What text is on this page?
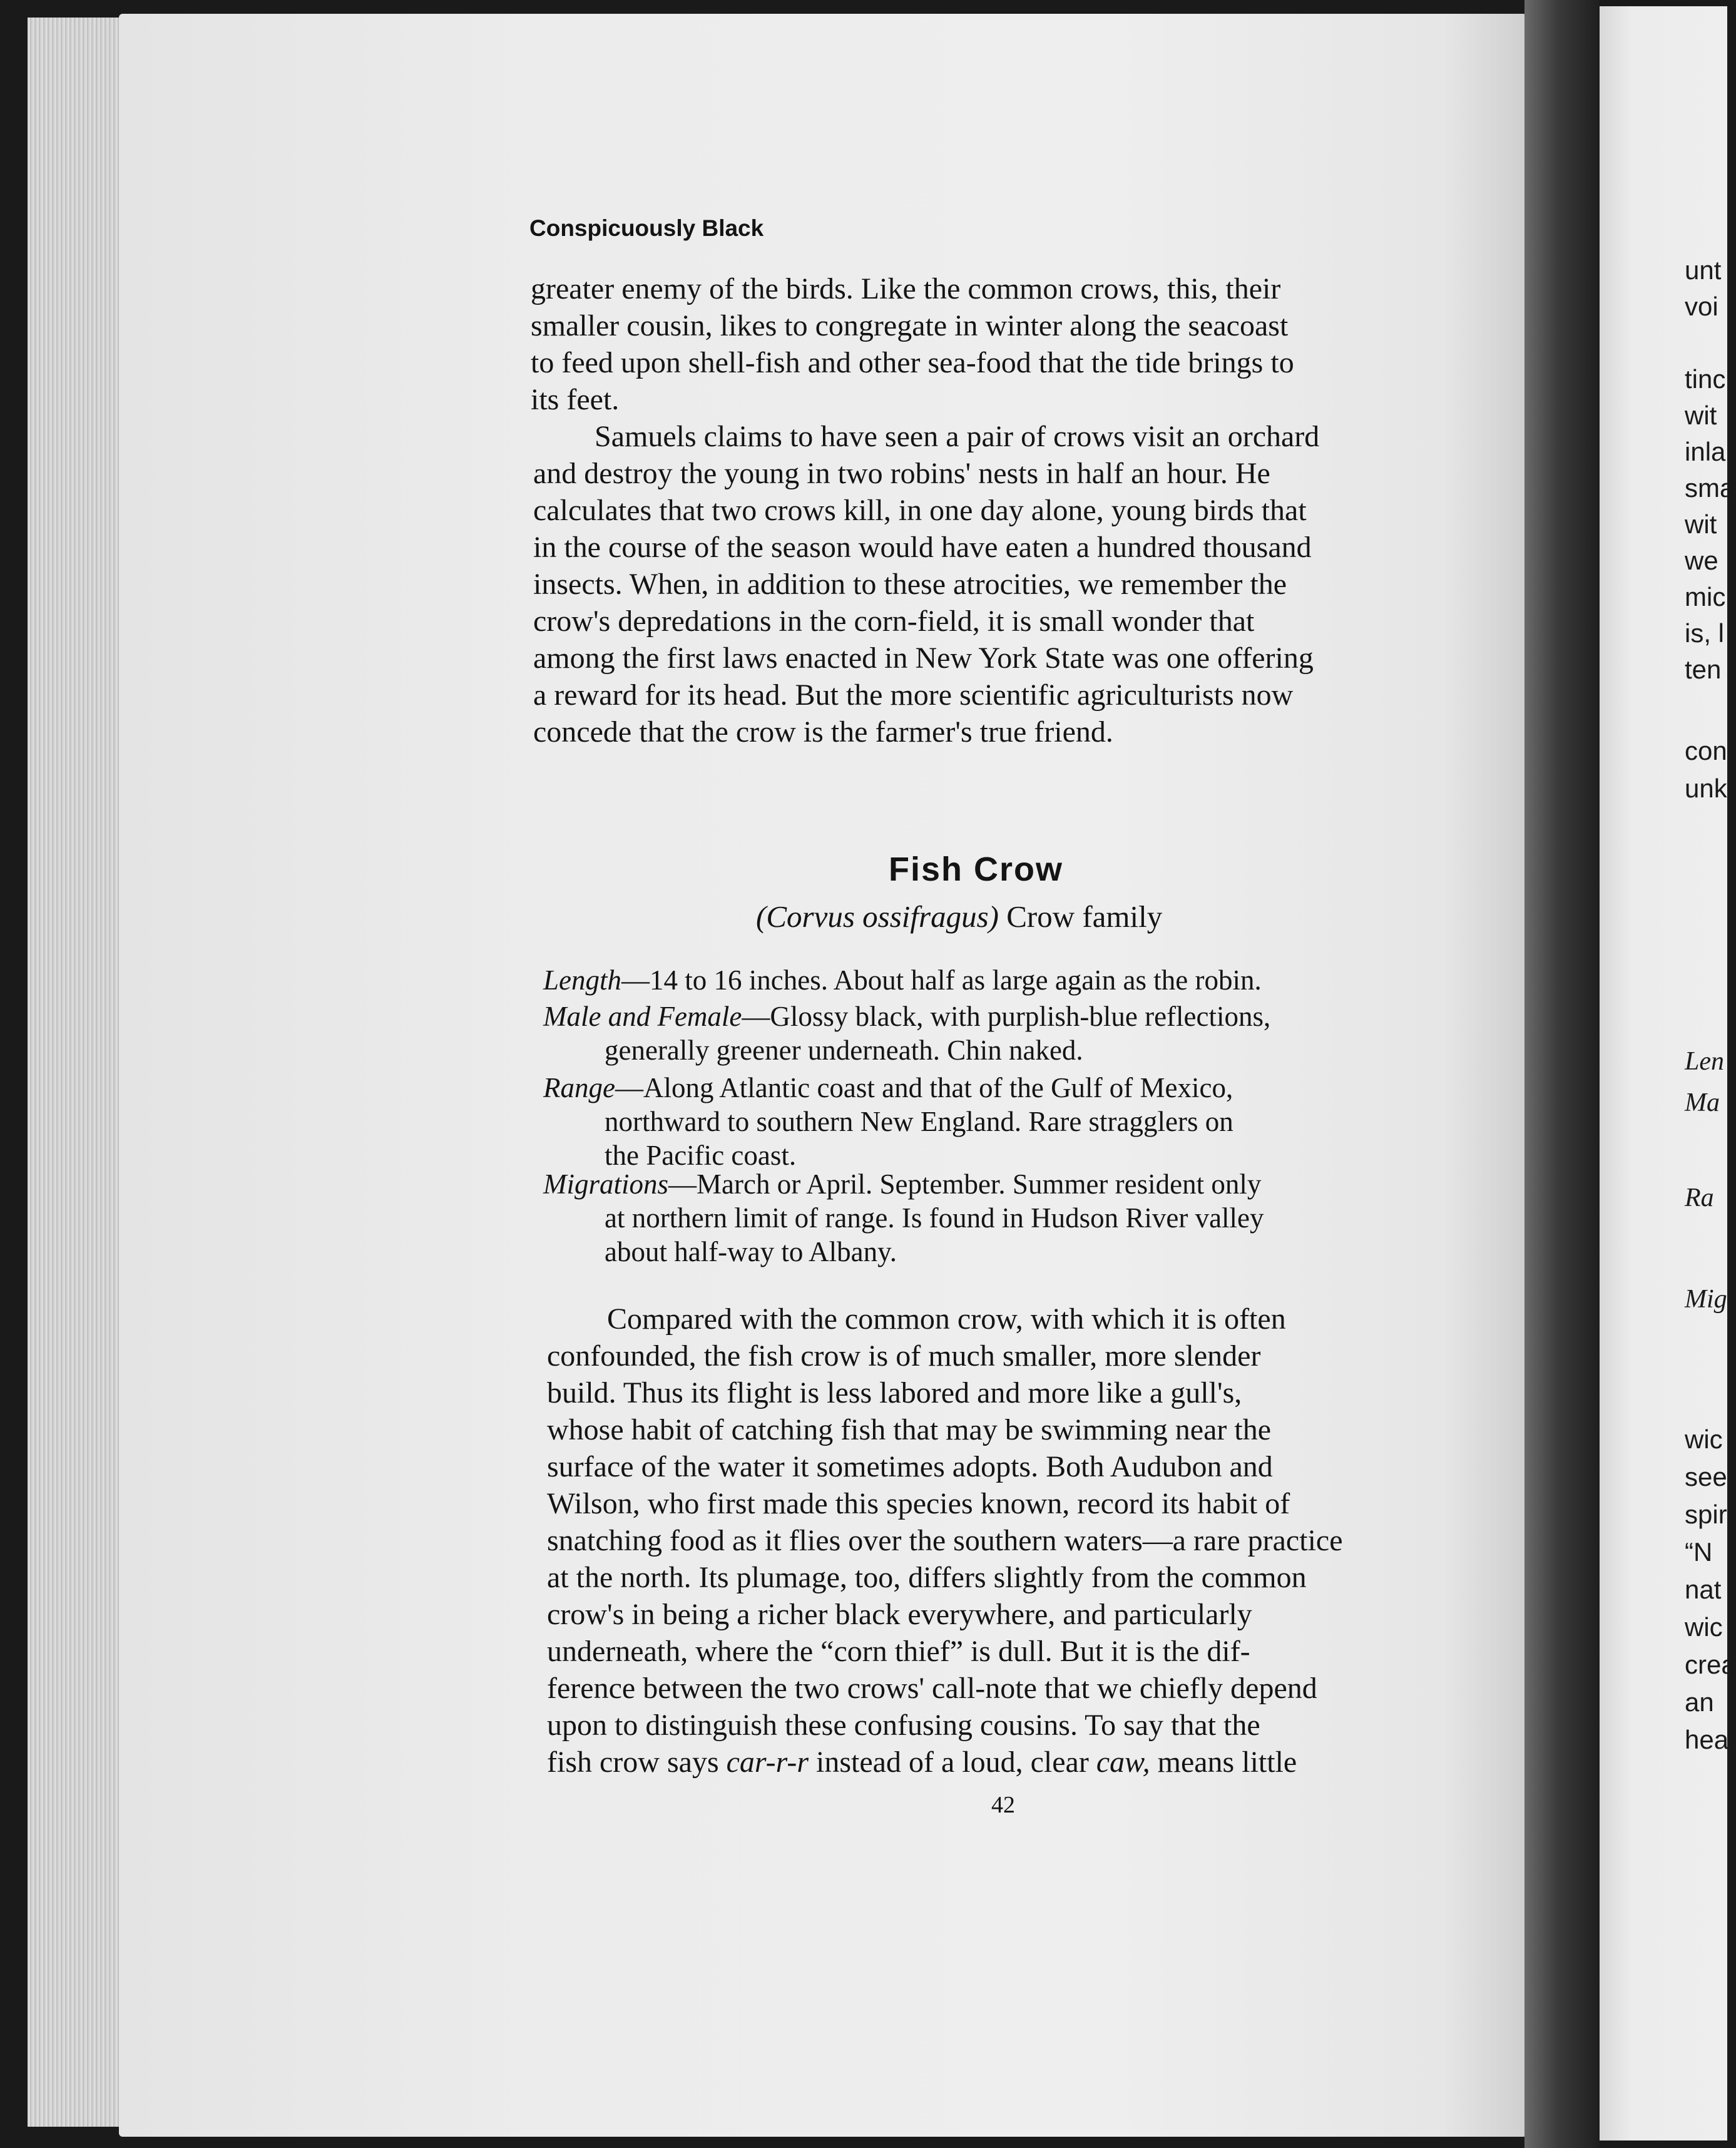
Conspicuously Black
greater enemy of the birds. Like the common crows, this, their
smaller cousin, likes to congregate in winter along the seacoast
to feed upon shell-fish and other sea-food that the tide brings to
its feet.
Samuels claims to have seen a pair of crows visit an orchard
and destroy the young in two robins' nests in half an hour. He
calculates that two crows kill, in one day alone, young birds that
in the course of the season would have eaten a hundred thousand
insects. When, in addition to these atrocities, we remember the
crow's depredations in the corn-field, it is small wonder that
among the first laws enacted in New York State was one offering
a reward for its head. But the more scientific agriculturists now
concede that the crow is the farmer's true friend.
Fish Crow
(Corvus ossifragus) Crow family
Length—14 to 16 inches. About half as large again as the robin.
Male and Female—Glossy black, with purplish-blue reflections,
generally greener underneath. Chin naked.
Range—Along Atlantic coast and that of the Gulf of Mexico,
northward to southern New England. Rare stragglers on
the Pacific coast.
Migrations—March or April. September. Summer resident only
at northern limit of range. Is found in Hudson River valley
about half-way to Albany.
Compared with the common crow, with which it is often
confounded, the fish crow is of much smaller, more slender
build. Thus its flight is less labored and more like a gull's,
whose habit of catching fish that may be swimming near the
surface of the water it sometimes adopts. Both Audubon and
Wilson, who first made this species known, record its habit of
snatching food as it flies over the southern waters—a rare practice
at the north. Its plumage, too, differs slightly from the common
crow's in being a richer black everywhere, and particularly
underneath, where the “corn thief” is dull. But it is the dif-
ference between the two crows' call-note that we chiefly depend
upon to distinguish these confusing cousins. To say that the
fish crow says car-r-r instead of a loud, clear caw, means little
42
unt
voi
tinc
wit
inla
sma
wit
we
mic
is, l
ten
con
unk
Len
Ma
Ra
Mig
wic
seer
spir
“N
nat
wic
crea
an
hea
